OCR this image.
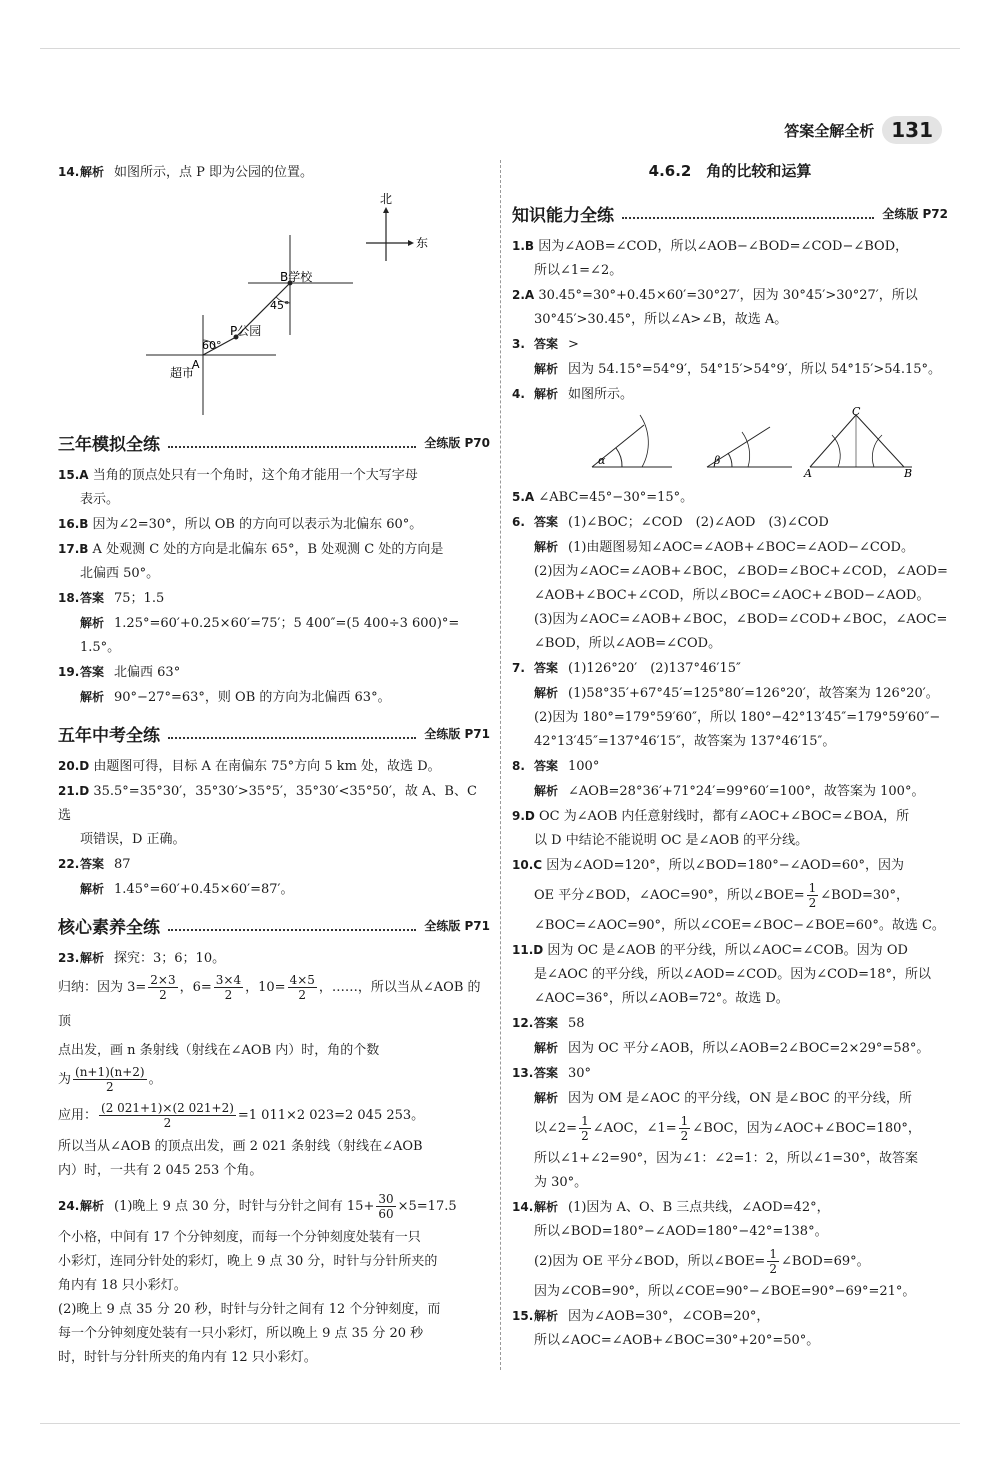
答案全解全析 131
14.解析 如图所示，点 P 即为公园的位置。
北
东
B学校
P公园
A
超市
45°
60°
三年模拟全练	全练版 P70
15.A 当角的顶点处只有一个角时，这个角才能用一个大写字母
表示。
16.B 因为∠2=30°，所以 OB 的方向可以表示为北偏东 60°。
17.B A 处观测 C 处的方向是北偏东 65°，B 处观测 C 处的方向是
北偏西 50°。
18.答案 75；1.5
解析 1.25°=60′+0.25×60′=75′；5 400″=(5 400÷3 600)°=
1.5°。
19.答案 北偏西 63°
解析 90°−27°=63°，则 OB 的方向为北偏西 63°。
五年中考全练	全练版 P71
20.D 由题图可得，目标 A 在南偏东 75°方向 5 km 处，故选 D。
21.D 35.5°=35°30′，35°30′>35°5′，35°30′<35°50′，故 A、B、C 选
项错误，D 正确。
22.答案 87
解析 1.45°=60′+0.45×60′=87′。
核心素养全练	全练版 P71
23.解析 探究：3；6；10。
归纳：因为 $3= \frac{2\times 3}{2}$ ，$6= \frac{3\times 4}{2}$ ，$10= \frac{4\times 5}{2}$ ，……，所以当从∠AOB 的顶
点出发，画 n 条射线（射线在∠AOB 内）时，角的个数
为 $\frac{(n+1)(n+2)}{2}$ 。
应用： $\frac{(2 021+1)\times(2 021+2)}{2} =1$ 011×2 023=2 045 253。
所以当从∠AOB 的顶点出发，画 2 021 条射线（射线在∠AOB
内）时，一共有 2 045 253 个角。
24.解析 (1)晚上 9 点 30 分，时针与分针之间有 $15+ \frac{30}{60} \times 5=17.5$
个小格，中间有 17 个分钟刻度，而每一个分钟刻度处装有一只
小彩灯，连同分针处的彩灯，晚上 9 点 30 分，时针与分针所夹的
角内有 18 只小彩灯。
(2)晚上 9 点 35 分 20 秒，时针与分针之间有 12 个分钟刻度，而
每一个分钟刻度处装有一只小彩灯，所以晚上 9 点 35 分 20 秒
时，时针与分针所夹的角内有 12 只小彩灯。
4.6.2　角的比较和运算
知识能力全练	全练版 P72
1.B 因为∠AOB=∠COD，所以∠AOB−∠BOD=∠COD−∠BOD，
所以∠1=∠2。
2.A 30.45°=30°+0.45×60′=30°27′，因为 30°45′>30°27′，所以
30°45′>30.45°，所以∠A>∠B，故选 A。
3. 答案 >
解析 因为 54.15°=54°9′，54°15′>54°9′，所以 54°15′>54.15°。
4. 解析 如图所示。
α	β
C
A	B
5.A ∠ABC=45°−30°=15°。
6. 答案 (1)∠BOC；∠COD　(2)∠AOD　(3)∠COD
解析 (1)由题图易知∠AOC=∠AOB+∠BOC=∠AOD−∠COD。
(2)因为∠AOC=∠AOB+∠BOC，∠BOD=∠BOC+∠COD，∠AOD=
∠AOB+∠BOC+∠COD，所以∠BOC=∠AOC+∠BOD−∠AOD。
(3)因为∠AOC=∠AOB+∠BOC，∠BOD=∠COD+∠BOC，∠AOC=
∠BOD，所以∠AOB=∠COD。
7. 答案 (1)126°20′　(2)137°46′15″
解析 (1)58°35′+67°45′=125°80′=126°20′，故答案为 126°20′。
(2)因为 180°=179°59′60″，所以 180°−42°13′45″=179°59′60″−
42°13′45″=137°46′15″，故答案为 137°46′15″。
8. 答案 100°
解析 ∠AOB=28°36′+71°24′=99°60′=100°，故答案为 100°。
9.D OC 为∠AOB 内任意射线时，都有∠AOC+∠BOC=∠BOA，所
以 D 中结论不能说明 OC 是∠AOB 的平分线。
10.C 因为∠AOD=120°，所以∠BOD=180°−∠AOD=60°，因为
OE 平分∠BOD，∠AOC=90°，所以∠BOE= $\frac{1}{2}$ ∠BOD=30°，
∠BOC=∠AOC=90°，所以∠COE=∠BOC−∠BOE=60°。故选 C。
11.D 因为 OC 是∠AOB 的平分线，所以∠AOC=∠COB。因为 OD
是∠AOC 的平分线，所以∠AOD=∠COD。因为∠COD=18°，所以
∠AOC=36°，所以∠AOB=72°。故选 D。
12.答案 58
解析 因为 OC 平分∠AOB，所以∠AOB=2∠BOC=2×29°=58°。
13.答案 30°
解析 因为 OM 是∠AOC 的平分线，ON 是∠BOC 的平分线，所
以∠2= $\frac{1}{2}$ ∠AOC，∠1= $\frac{1}{2}$ ∠BOC，因为∠AOC+∠BOC=180°，
所以∠1+∠2=90°，因为∠1：∠2=1：2，所以∠1=30°，故答案
为 30°。
14.解析 (1)因为 A、O、B 三点共线，∠AOD=42°，
所以∠BOD=180°−∠AOD=180°−42°=138°。
(2)因为 OE 平分∠BOD，所以∠BOE= $\frac{1}{2}$ ∠BOD=69°。
因为∠COB=90°，所以∠COE=90°−∠BOE=90°−69°=21°。
15.解析 因为∠AOB=30°，∠COB=20°，
所以∠AOC=∠AOB+∠BOC=30°+20°=50°。
